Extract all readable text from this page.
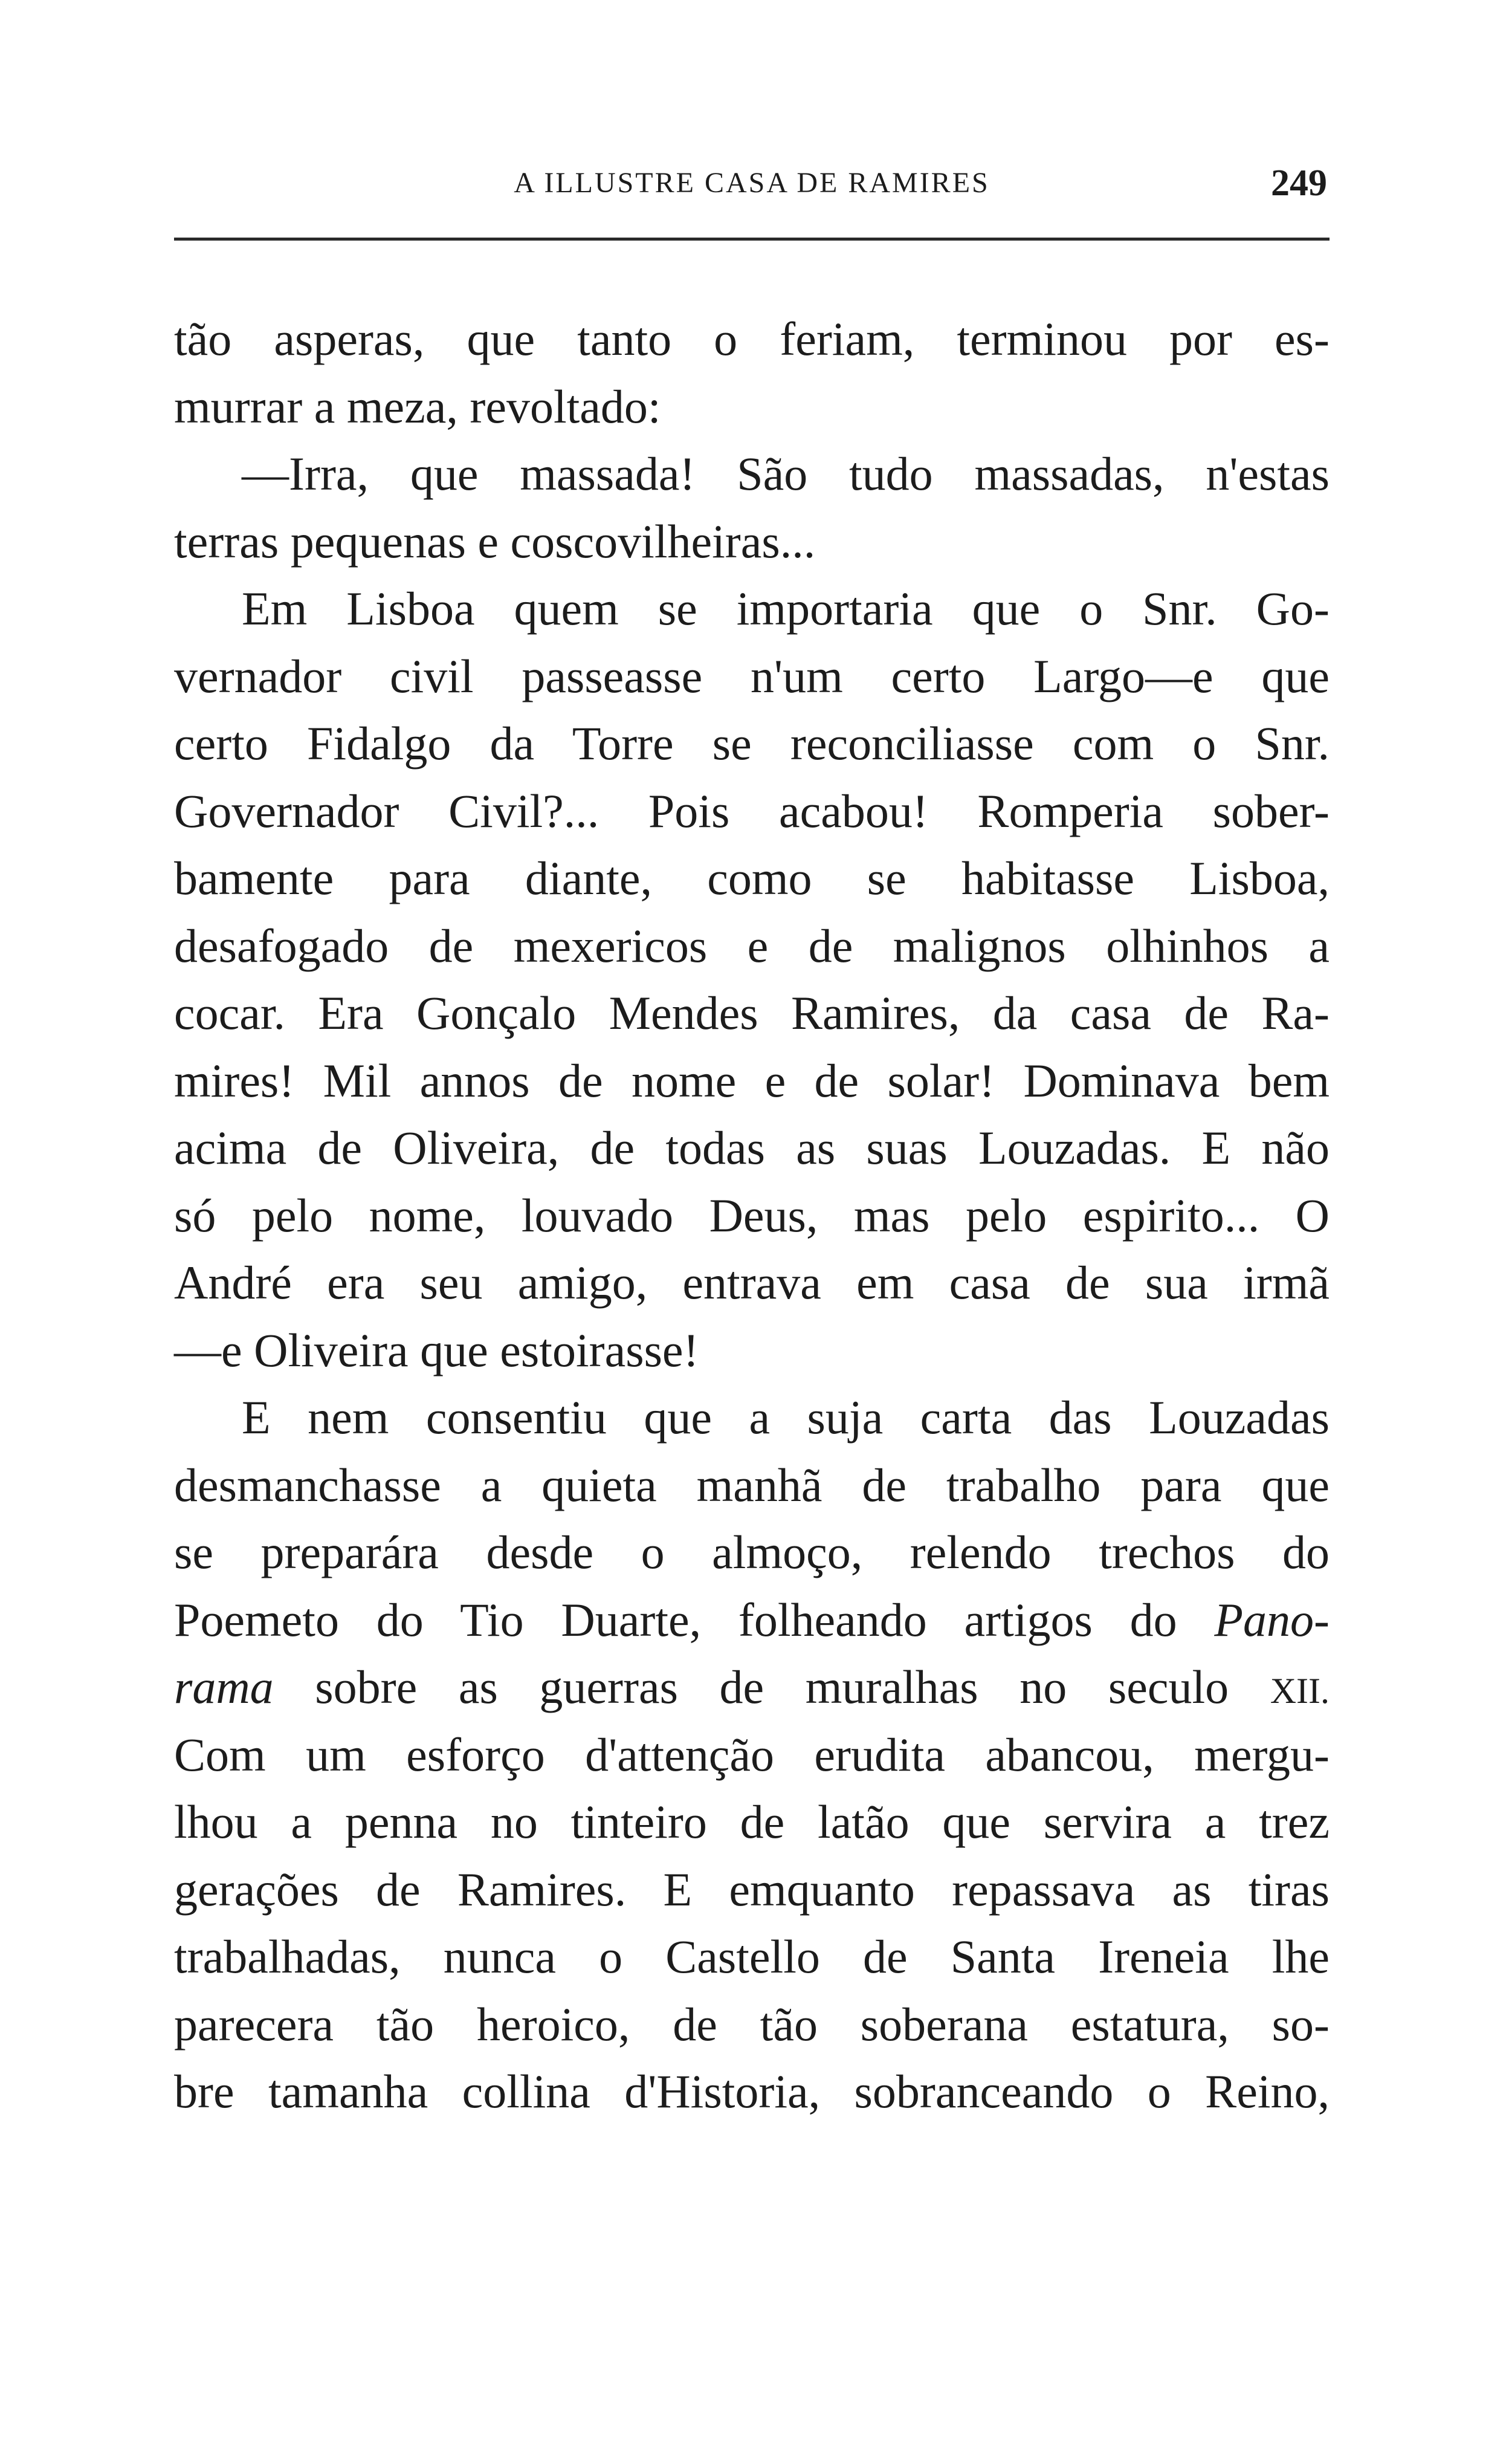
A ILLUSTRE CASA DE RAMIRES	249
tão asperas, que tanto o feriam, terminou por es-
murrar a meza, revoltado:
—Irra, que massada! São tudo massadas, n'estas
terras pequenas e coscovilheiras...
Em Lisboa quem se importaria que o Snr. Go-
vernador civil passeasse n'um certo Largo—e que
certo Fidalgo da Torre se reconciliasse com o Snr.
Governador Civil?... Pois acabou! Romperia sober-
bamente para diante, como se habitasse Lisboa,
desafogado de mexericos e de malignos olhinhos a
cocar. Era Gonçalo Mendes Ramires, da casa de Ra-
mires! Mil annos de nome e de solar! Dominava bem
acima de Oliveira, de todas as suas Louzadas. E não
só pelo nome, louvado Deus, mas pelo espirito... O
André era seu amigo, entrava em casa de sua irmã
—e Oliveira que estoirasse!
E nem consentiu que a suja carta das Louzadas
desmanchasse a quieta manhã de trabalho para que
se preparára desde o almoço, relendo trechos do
Poemeto do Tio Duarte, folheando artigos do Pano-
rama sobre as guerras de muralhas no seculo XII.
Com um esforço d'attenção erudita abancou, mergu-
lhou a penna no tinteiro de latão que servira a trez
gerações de Ramires. E emquanto repassava as tiras
trabalhadas, nunca o Castello de Santa Ireneia lhe
parecera tão heroico, de tão soberana estatura, so-
bre tamanha collina d'Historia, sobranceando o Reino,
